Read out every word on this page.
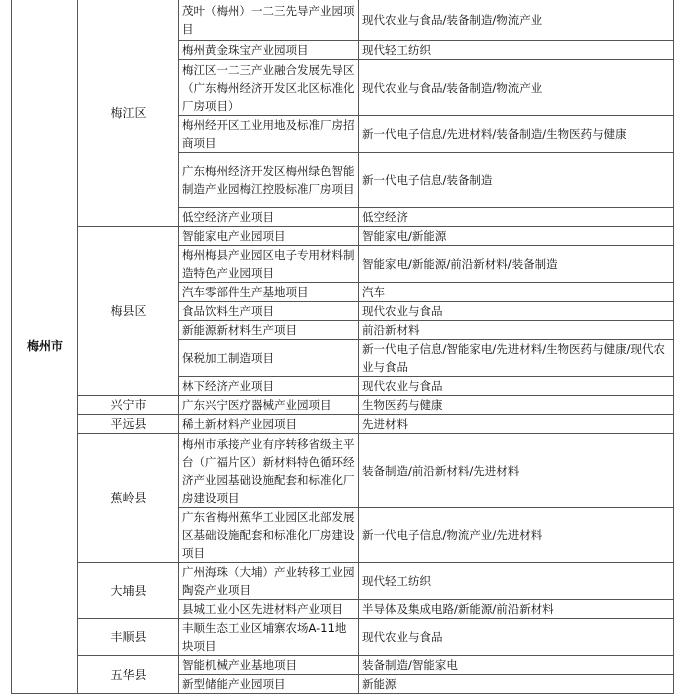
梅州市	梅江区	茂叶（梅州）一二三先导产业园项目	现代农业与食品/装备制造/物流产业
		梅州黄金珠宝产业园项目	现代轻工纺织
		梅江区一二三产业融合发展先导区（广东梅州经济开发区北区标准化厂房项目）	现代农业与食品/装备制造/物流产业
		梅州经开区工业用地及标准厂房招商项目	新一代电子信息/先进材料/装备制造/生物医药与健康
		广东梅州经济开发区梅州绿色智能制造产业园梅江控股标准厂房项目	新一代电子信息/装备制造
		低空经济产业项目	低空经济
	梅县区	智能家电产业园项目	智能家电/新能源
		梅州梅县产业园区电子专用材料制造特色产业园项目	智能家电/新能源/前沿新材料/装备制造
		汽车零部件生产基地项目	汽车
		食品饮料生产项目	现代农业与食品
		新能源新材料生产项目	前沿新材料
		保税加工制造项目	新一代电子信息/智能家电/先进材料/生物医药与健康/现代农业与食品
		林下经济产业项目	现代农业与食品
	兴宁市	广东兴宁医疗器械产业园项目	生物医药与健康
	平远县	稀土新材料产业园项目	先进材料
	蕉岭县	梅州市承接产业有序转移省级主平台（广福片区）新材料特色循环经济产业园基础设施配套和标准化厂房建设项目	装备制造/前沿新材料/先进材料
		广东省梅州蕉华工业园区北部发展区基础设施配套和标准化厂房建设项目	新一代电子信息/物流产业/先进材料
	大埔县	广州海珠（大埔）产业转移工业园陶瓷产业项目	现代轻工纺织
		县城工业小区先进材料产业项目	半导体及集成电路/新能源/前沿新材料
	丰顺县	丰顺生态工业区埔寨农场A-11地块项目	现代农业与食品
	五华县	智能机械产业基地项目	装备制造/智能家电
		新型储能产业园项目	新能源
